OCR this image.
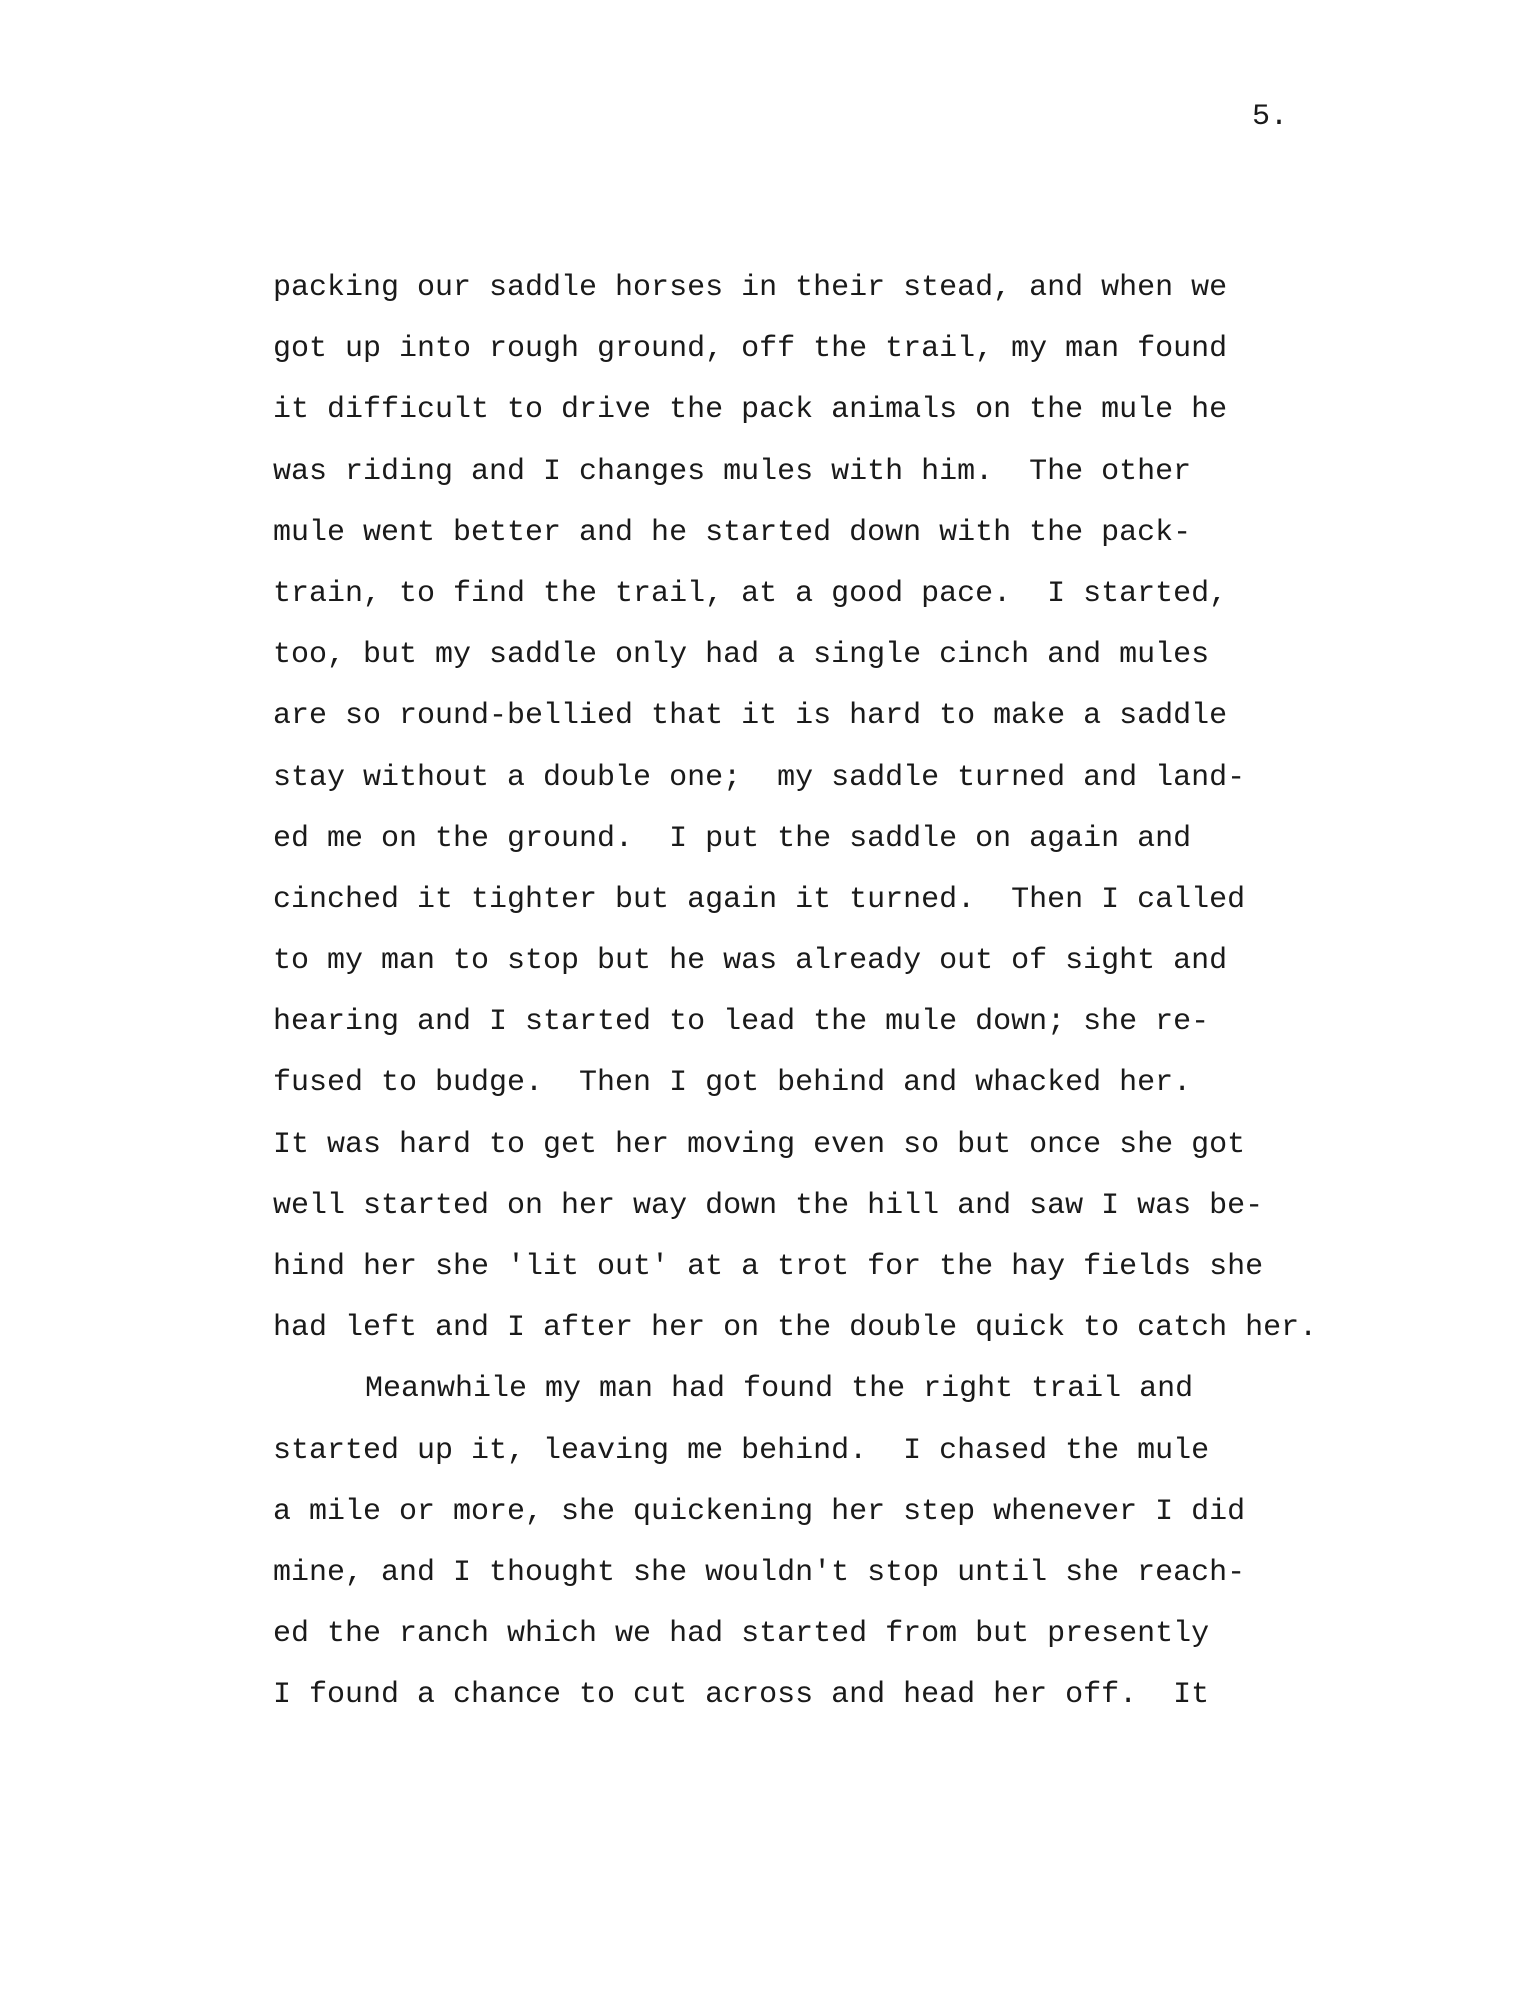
5.
packing our saddle horses in their stead, and when we
got up into rough ground, off the trail, my man found
it difficult to drive the pack animals on the mule he
was riding and I changes mules with him.  The other
mule went better and he started down with the pack-
train, to find the trail, at a good pace.  I started,
too, but my saddle only had a single cinch and mules
are so round-bellied that it is hard to make a saddle
stay without a double one;  my saddle turned and land-
ed me on the ground.  I put the saddle on again and
cinched it tighter but again it turned.  Then I called
to my man to stop but he was already out of sight and
hearing and I started to lead the mule down; she re-
fused to budge.  Then I got behind and whacked her.
It was hard to get her moving even so but once she got
well started on her way down the hill and saw I was be-
hind her she 'lit out' at a trot for the hay fields she
had left and I after her on the double quick to catch her.
Meanwhile my man had found the right trail and
started up it, leaving me behind.  I chased the mule
a mile or more, she quickening her step whenever I did
mine, and I thought she wouldn't stop until she reach-
ed the ranch which we had started from but presently
I found a chance to cut across and head her off.  It
